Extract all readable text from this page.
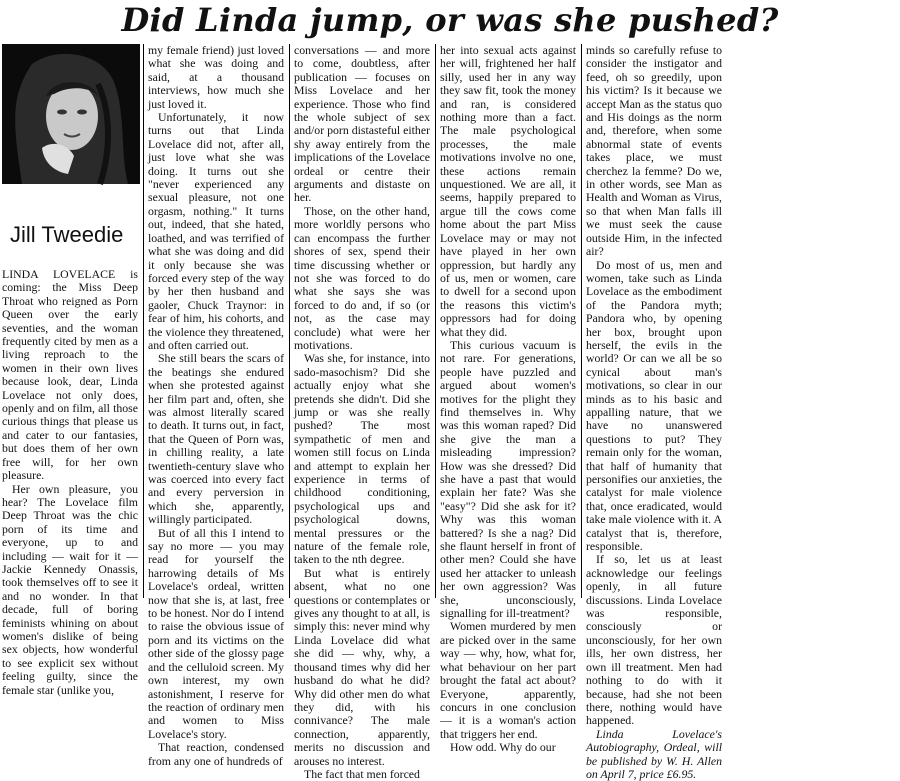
Did Linda jump, or was she pushed?
Jill Tweedie

LINDA LOVELACE is coming: the Miss Deep Throat who reigned as Porn Queen over the early seventies, and the woman frequently cited by men as a living reproach to the women in their own lives because look, dear, Linda Lovelace not only does, openly and on film, all those curious things that please us and cater to our fantasies, but does them of her own free will, for her own pleasure.

Her own pleasure, you hear? The Lovelace film Deep Throat was the chic porn of its time and everyone, up to and including — wait for it — Jackie Kennedy Onassis, took themselves off to see it and no wonder. In that decade, full of boring feminists whining on about women's dislike of being sex objects, how wonderful to see explicit sex without feeling guilty, since the female star (unlike you,

my female friend) just loved what she was doing and said, at a thousand interviews, how much she just loved it.

Unfortunately, it now turns out that Linda Lovelace did not, after all, just love what she was doing. It turns out she "never experienced any sexual pleasure, not one orgasm, nothing." It turns out, indeed, that she hated, loathed, and was terrified of what she was doing and did it only because she was forced every step of the way by her then husband and gaoler, Chuck Traynor: in fear of him, his cohorts, and the violence they threatened, and often carried out.

She still bears the scars of the beatings she endured when she protested against her film part and, often, she was almost literally scared to death. It turns out, in fact, that the Queen of Porn was, in chilling reality, a late twentieth-century slave who was coerced into every fact and every perversion in which she, apparently, willingly participated.

But of all this I intend to say no more — you may read for yourself the harrowing details of Ms Lovelace's ordeal, written now that she is, at last, free to be honest. Nor do I intend to raise the obvious issue of porn and its victims on the other side of the glossy page and the celluloid screen. My own interest, my own astonishment, I reserve for the reaction of ordinary men and women to Miss Lovelace's story.

That reaction, condensed from any one of hundreds of

conversations — and more to come, doubtless, after publication — focuses on Miss Lovelace and her experience. Those who find the whole subject of sex and/or porn distasteful either shy away entirely from the implications of the Lovelace ordeal or centre their arguments and distaste on her.

Those, on the other hand, more worldly persons who can encompass the further shores of sex, spend their time discussing whether or not she was forced to do what she says she was forced to do and, if so (or not, as the case may conclude) what were her motivations.

Was she, for instance, into sado-masochism? Did she actually enjoy what she pretends she didn't. Did she jump or was she really pushed? The most sympathetic of men and women still focus on Linda and attempt to explain her experience in terms of childhood conditioning, psychological ups and psychological downs, mental pressures or the nature of the female role, taken to the nth degree.

But what is entirely absent, what no one questions or contemplates or gives any thought to at all, is simply this: never mind why Linda Lovelace did what she did — why, why, a thousand times why did her husband do what he did? Why did other men do what they did, with his connivance? The male connection, apparently, merits no discussion and arouses no interest.

The fact that men forced

her into sexual acts against her will, frightened her half silly, used her in any way they saw fit, took the money and ran, is considered nothing more than a fact. The male psychological processes, the male motivations involve no one, these actions remain unquestioned. We are all, it seems, happily prepared to argue till the cows come home about the part Miss Lovelace may or may not have played in her own oppression, but hardly any of us, men or women, care to dwell for a second upon the reasons this victim's oppressors had for doing what they did.

This curious vacuum is not rare. For generations, people have puzzled and argued about women's motives for the plight they find themselves in. Why was this woman raped? Did she give the man a misleading impression? How was she dressed? Did she have a past that would explain her fate? Was she "easy"? Did she ask for it? Why was this woman battered? Is she a nag? Did she flaunt herself in front of other men? Could she have used her attacker to unleash her own aggression? Was she, unconsciously, signalling for ill-treatment?

Women murdered by men are picked over in the same way — why, how, what for, what behaviour on her part brought the fatal act about? Everyone, apparently, concurs in one conclusion — it is a woman's action that triggers her end.

How odd. Why do our

minds so carefully refuse to consider the instigator and feed, oh so greedily, upon his victim? Is it because we accept Man as the status quo and His doings as the norm and, therefore, when some abnormal state of events takes place, we must cherchez la femme? Do we, in other words, see Man as Health and Woman as Virus, so that when Man falls ill we must seek the cause outside Him, in the infected air?

Do most of us, men and women, take such as Linda Lovelace as the embodiment of the Pandora myth; Pandora who, by opening her box, brought upon herself, the evils in the world? Or can we all be so cynical about man's motivations, so clear in our minds as to his basic and appalling nature, that we have no unanswered questions to put? They remain only for the woman, that half of humanity that personifies our anxieties, the catalyst for male violence that, once eradicated, would take male violence with it. A catalyst that is, therefore, responsible.

If so, let us at least acknowledge our feelings openly, in all future discussions. Linda Lovelace was responsible, consciously or unconsciously, for her own ills, her own distress, her own ill treatment. Men had nothing to do with it because, had she not been there, nothing would have happened.

Linda Lovelace's Autobiography, Ordeal, will be published by W. H. Allen on April 7, price £6.95.
